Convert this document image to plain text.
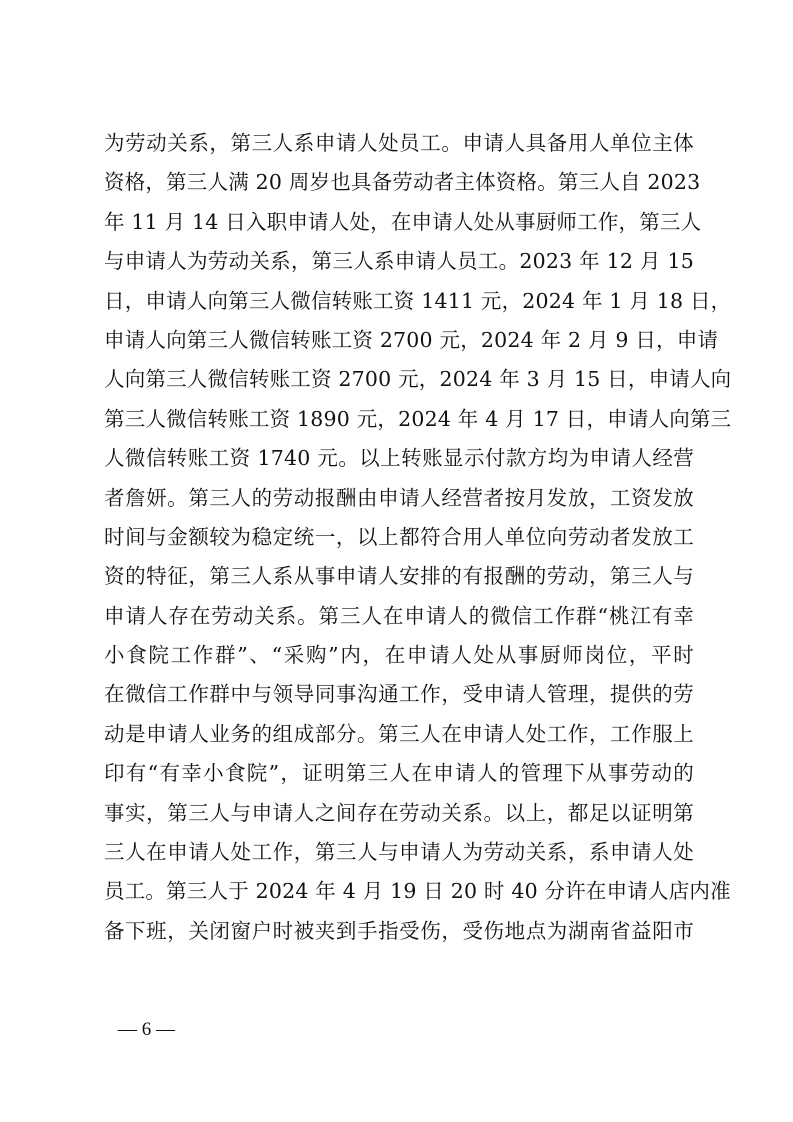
为劳动关系，第三人系申请人处员工。申请人具备用人单位主体
资格，第三人满 20 周岁也具备劳动者主体资格。第三人自 2023
年 11 月 14 日入职申请人处，在申请人处从事厨师工作，第三人
与申请人为劳动关系，第三人系申请人员工。2023 年 12 月 15
日，申请人向第三人微信转账工资 1411 元，2024 年 1 月 18 日，
申请人向第三人微信转账工资 2700 元，2024 年 2 月 9 日，申请
人向第三人微信转账工资 2700 元，2024 年 3 月 15 日，申请人向
第三人微信转账工资 1890 元，2024 年 4 月 17 日，申请人向第三
人微信转账工资 1740 元。以上转账显示付款方均为申请人经营
者詹妍。第三人的劳动报酬由申请人经营者按月发放，工资发放
时间与金额较为稳定统一，以上都符合用人单位向劳动者发放工
资的特征，第三人系从事申请人安排的有报酬的劳动，第三人与
申请人存在劳动关系。第三人在申请人的微信工作群“桃江有幸
小食院工作群”、“采购”内，在申请人处从事厨师岗位，平时
在微信工作群中与领导同事沟通工作，受申请人管理，提供的劳
动是申请人业务的组成部分。第三人在申请人处工作，工作服上
印有“有幸小食院”，证明第三人在申请人的管理下从事劳动的
事实，第三人与申请人之间存在劳动关系。以上，都足以证明第
三人在申请人处工作，第三人与申请人为劳动关系，系申请人处
员工。第三人于 2024 年 4 月 19 日 20 时 40 分许在申请人店内准
备下班，关闭窗户时被夹到手指受伤，受伤地点为湖南省益阳市
— 6 —
